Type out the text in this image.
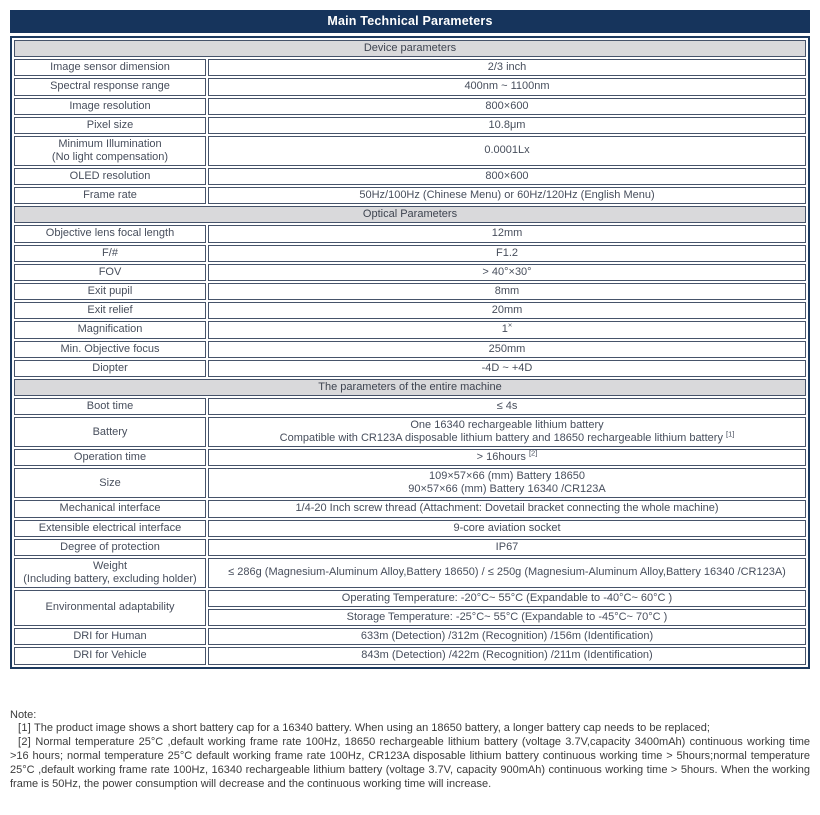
Main Technical Parameters
Device parameters	
Image sensor dimension	2/3 inch
Spectral response range	400nm ~ 1100nm
Image resolution	800×600
Pixel size	10.8μm

Minimum Illumination
(No light compensation)	0.0001Lx
OLED resolution	800×600
Frame rate	50Hz/100Hz (Chinese Menu) or 60Hz/120Hz (English Menu)
Optical Parameters	
Objective lens focal length	12mm
F/#	F1.2
FOV	> 40°×30°
Exit pupil	8mm
Exit relief	20mm
Magnification	1×
Min. Objective focus	250mm
Diopter	-4D ~ +4D
The parameters of the entire machine	
Boot time	≤ 4s
Battery	One 16340 rechargeable lithium battery
Compatible with CR123A disposable lithium battery and 18650 rechargeable lithium battery [1]

Operation time	> 16hours [2]
Size	109×57×66 (mm) Battery 18650
90×57×66 (mm) Battery 16340 /CR123A

Mechanical interface	1/4-20 Inch screw thread (Attachment: Dovetail bracket connecting the whole machine)
Extensible electrical interface	9-core aviation socket
Degree of protection	IP67

Weight
(Including battery, excluding holder)	≤ 286g (Magnesium-Aluminum Alloy,Battery 18650) / ≤ 250g (Magnesium-Aluminum Alloy,Battery 16340 /CR123A)
Environmental adaptability	Operating Temperature: -20°C~ 55°C (Expandable to -40°C~ 60°C )
	Storage Temperature: -25°C~ 55°C (Expandable to -45°C~ 70°C )
DRI for Human	633m (Detection) /312m (Recognition) /156m (Identification)
DRI for Vehicle	843m (Detection) /422m (Recognition) /211m (Identification)

Note:

[1] The product image shows a short battery cap for a 16340 battery. When using an 18650 battery, a longer battery cap needs to be replaced;

[2] Normal temperature 25°C ,default working frame rate 100Hz, 18650 rechargeable lithium battery (voltage 3.7V,capacity 3400mAh) continuous working time >16 hours; normal temperature 25°C default working frame rate 100Hz, CR123A disposable lithium battery continuous working time > 5hours;normal temperature 25°C ,default working frame rate 100Hz, 16340 rechargeable lithium battery (voltage 3.7V, capacity 900mAh) continuous working time > 5hours. When the working frame is 50Hz, the power consumption will decrease and the continuous working time will increase.
